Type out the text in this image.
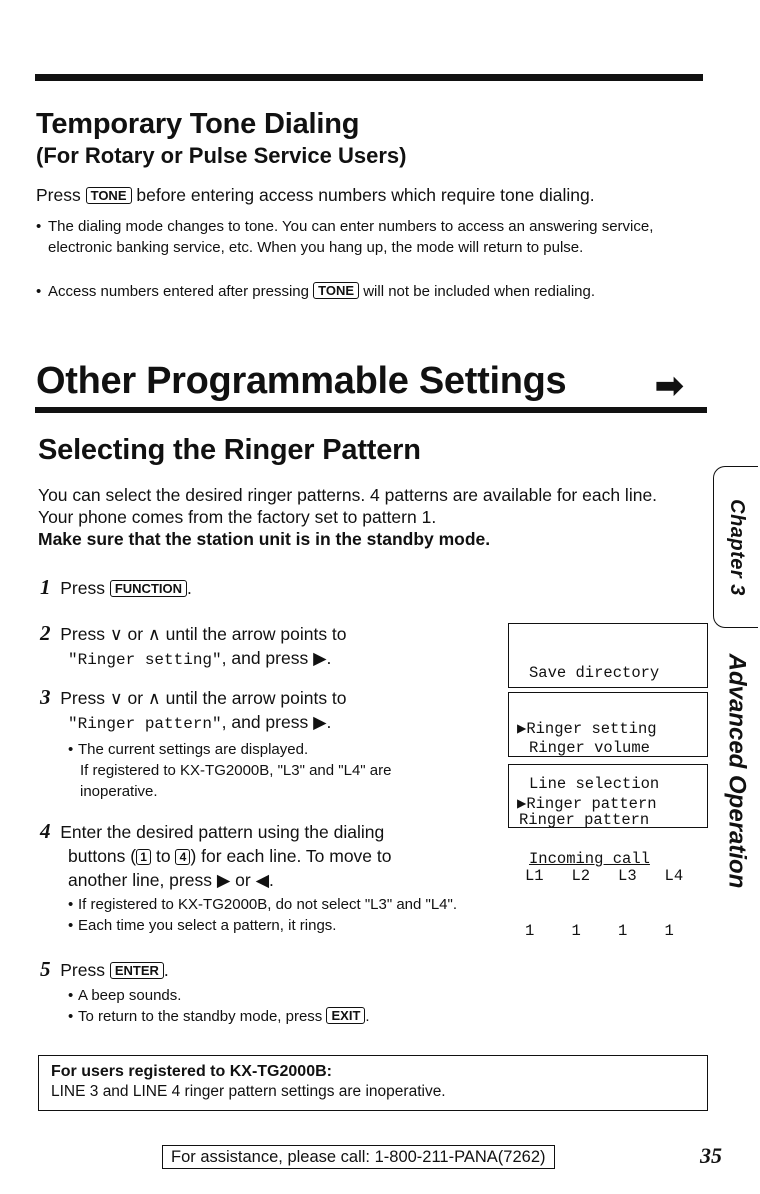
Temporary Tone Dialing
(For Rotary or Pulse Service Users)
Press TONE before entering access numbers which require tone dialing.
• The dialing mode changes to tone. You can enter numbers to access an answering service, electronic banking service, etc. When you hang up, the mode will return to pulse.
• Access numbers entered after pressing TONE will not be included when redialing.
Other Programmable Settings	➡
Selecting the Ringer Pattern
You can select the desired ringer patterns. 4 patterns are available for each line. Your phone comes from the factory set to pattern 1.
Make sure that the station unit is in the standby mode.
1 Press FUNCTION .
2 Press ∨ or ∧ until the arrow points to
"Ringer setting", and press ▶.
3 Press ∨ or ∧ until the arrow points to
"Ringer pattern", and press ▶.
• The current settings are displayed.
If registered to KX-TG2000B, "L3" and "L4" are inoperative.
4 Enter the desired pattern using the dialing
buttons ( 1 to 4 ) for each line. To move to
another line, press ▶ or ◀.
• If registered to KX-TG2000B, do not select "L3" and "L4".
• Each time you select a pattern, it rings.
5 Press ENTER .
• A beep sounds.
• To return to the standby mode, press EXIT .

Save directory

▶Ringer setting

Line selection

Ringer volume

▶Ringer pattern

Incoming call

Ringer pattern

L1   L2   L3   L4

1    1    1    1

Chapter 3
Advanced Operation
For users registered to KX-TG2000B:
LINE 3 and LINE 4 ringer pattern settings are inoperative.
For assistance, please call: 1-800-211-PANA(7262)	35
